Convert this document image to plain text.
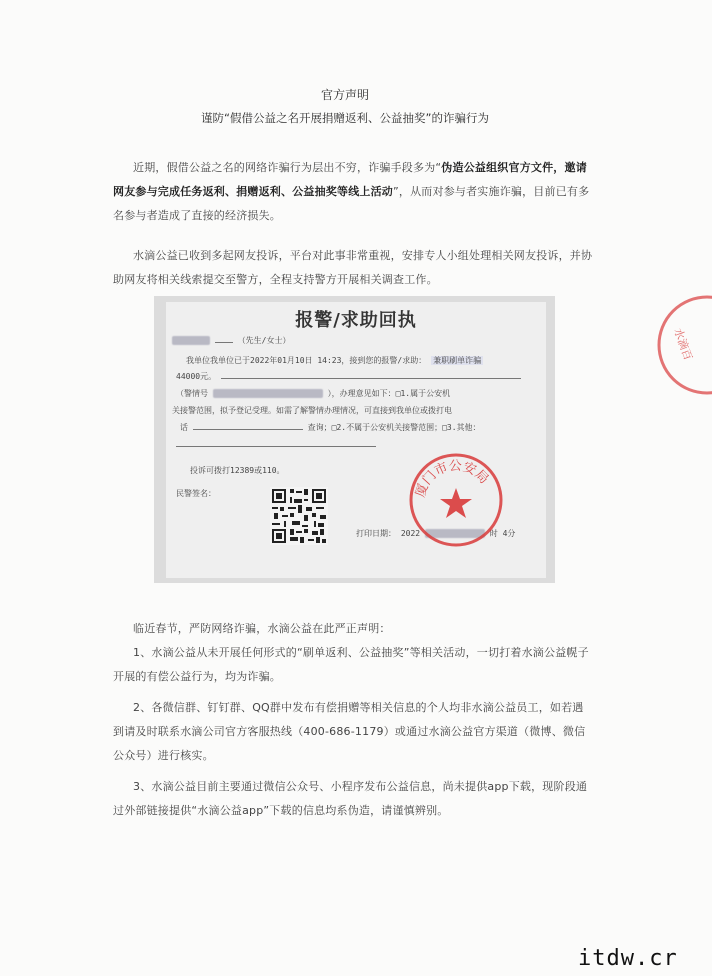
官方声明
谨防“假借公益之名开展捐赠返利、公益抽奖”的诈骗行为
近期，假借公益之名的网络诈骗行为层出不穷，诈骗手段多为“伪造公益组织官方文件，邀请网友参与完成任务返利、捐赠返利、公益抽奖等线上活动”，从而对参与者实施诈骗，目前已有多名参与者造成了直接的经济损失。
水滴公益已收到多起网友投诉，平台对此事非常重视，安排专人小组处理相关网友投诉，并协助网友将相关线索提交至警方，全程支持警方开展相关调查工作。
报警/求助回执
（先生/女士）
我单位我单位已于2022年01月10日 14:23，接到您的报警/求助： 兼职刷单诈骗
44000元。
（警情号	），办理意见如下：□1.属于公安机
关接警范围，拟予登记受理。如需了解警情办理情况，可直接到我单位或拨打电
话	查询；□2.不属于公安机关接警范围；□3.其他：
投诉可拨打12389或110。
民警签名：
打印日期： 2022	时 4分
厦门市公安局
临近春节，严防网络诈骗，水滴公益在此严正声明：
1、水滴公益从未开展任何形式的“刷单返利、公益抽奖”等相关活动，一切打着水滴公益幌子开展的有偿公益行为，均为诈骗。
2、各微信群、钉钉群、QQ群中发布有偿捐赠等相关信息的个人均非水滴公益员工，如若遇到请及时联系水滴公司官方客服热线（400-686-1179）或通过水滴公益官方渠道（微博、微信公众号）进行核实。
3、水滴公益目前主要通过微信公众号、小程序发布公益信息，尚未提供app下载，现阶段通过外部链接提供“水滴公益app”下载的信息均系伪造，请谨慎辨别。
水滴百
itdw.cr
